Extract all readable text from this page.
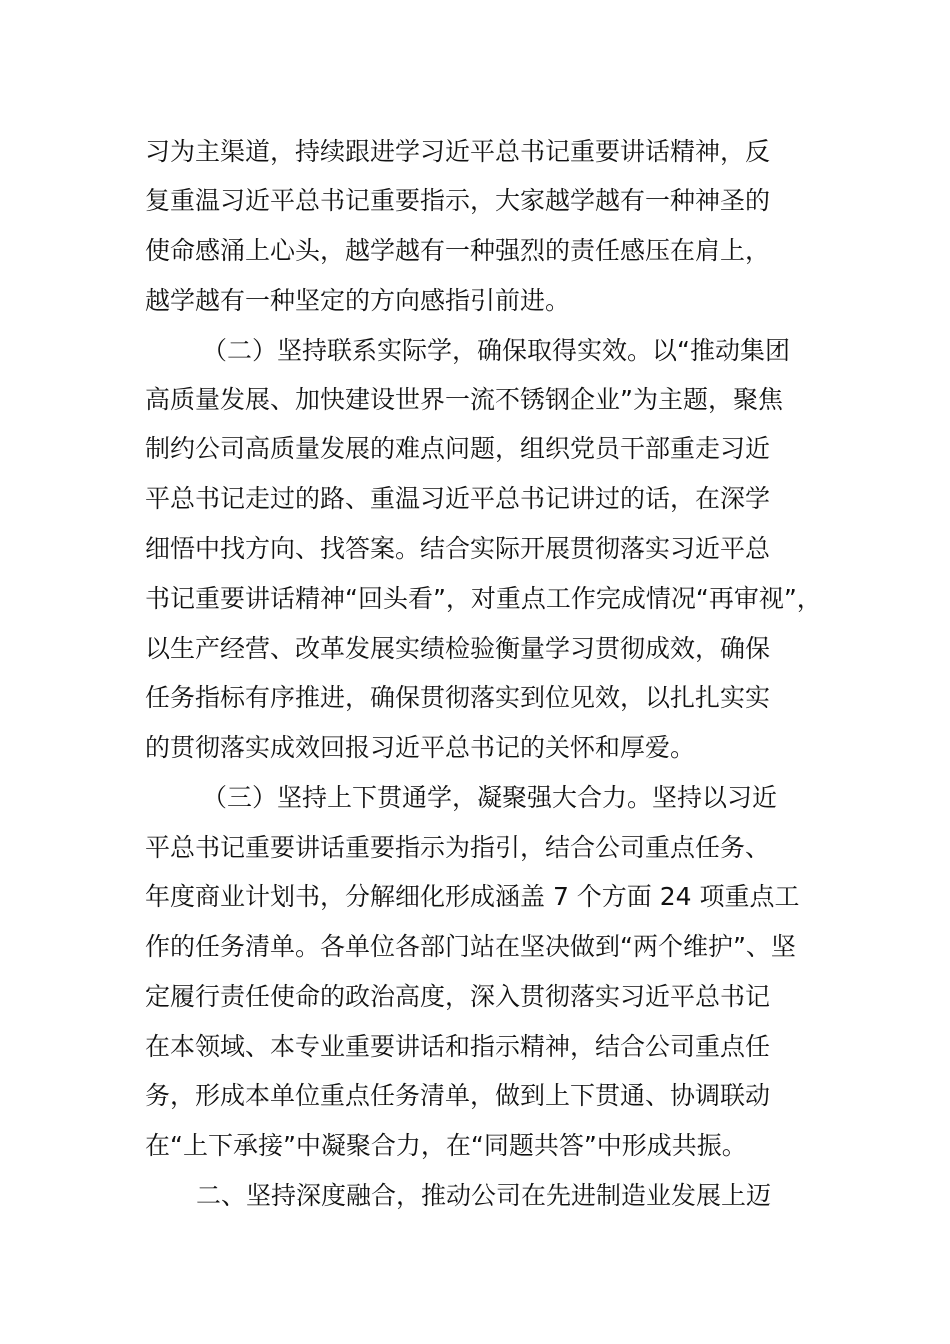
习为主渠道，持续跟进学习近平总书记重要讲话精神，反
复重温习近平总书记重要指示，大家越学越有一种神圣的
使命感涌上心头，越学越有一种强烈的责任感压在肩上，
越学越有一种坚定的方向感指引前进。
（二）坚持联系实际学，确保取得实效。以“推动集团
高质量发展、加快建设世界一流不锈钢企业”为主题，聚焦
制约公司高质量发展的难点问题，组织党员干部重走习近
平总书记走过的路、重温习近平总书记讲过的话，在深学
细悟中找方向、找答案。结合实际开展贯彻落实习近平总
书记重要讲话精神“回头看”，对重点工作完成情况“再审视”，
以生产经营、改革发展实绩检验衡量学习贯彻成效，确保
任务指标有序推进，确保贯彻落实到位见效，以扎扎实实
的贯彻落实成效回报习近平总书记的关怀和厚爱。
（三）坚持上下贯通学，凝聚强大合力。坚持以习近
平总书记重要讲话重要指示为指引，结合公司重点任务、
年度商业计划书，分解细化形成涵盖 7 个方面 24 项重点工
作的任务清单。各单位各部门站在坚决做到“两个维护”、坚
定履行责任使命的政治高度，深入贯彻落实习近平总书记
在本领域、本专业重要讲话和指示精神，结合公司重点任
务，形成本单位重点任务清单，做到上下贯通、协调联动
在“上下承接”中凝聚合力，在“同题共答”中形成共振。
二、坚持深度融合，推动公司在先进制造业发展上迈
